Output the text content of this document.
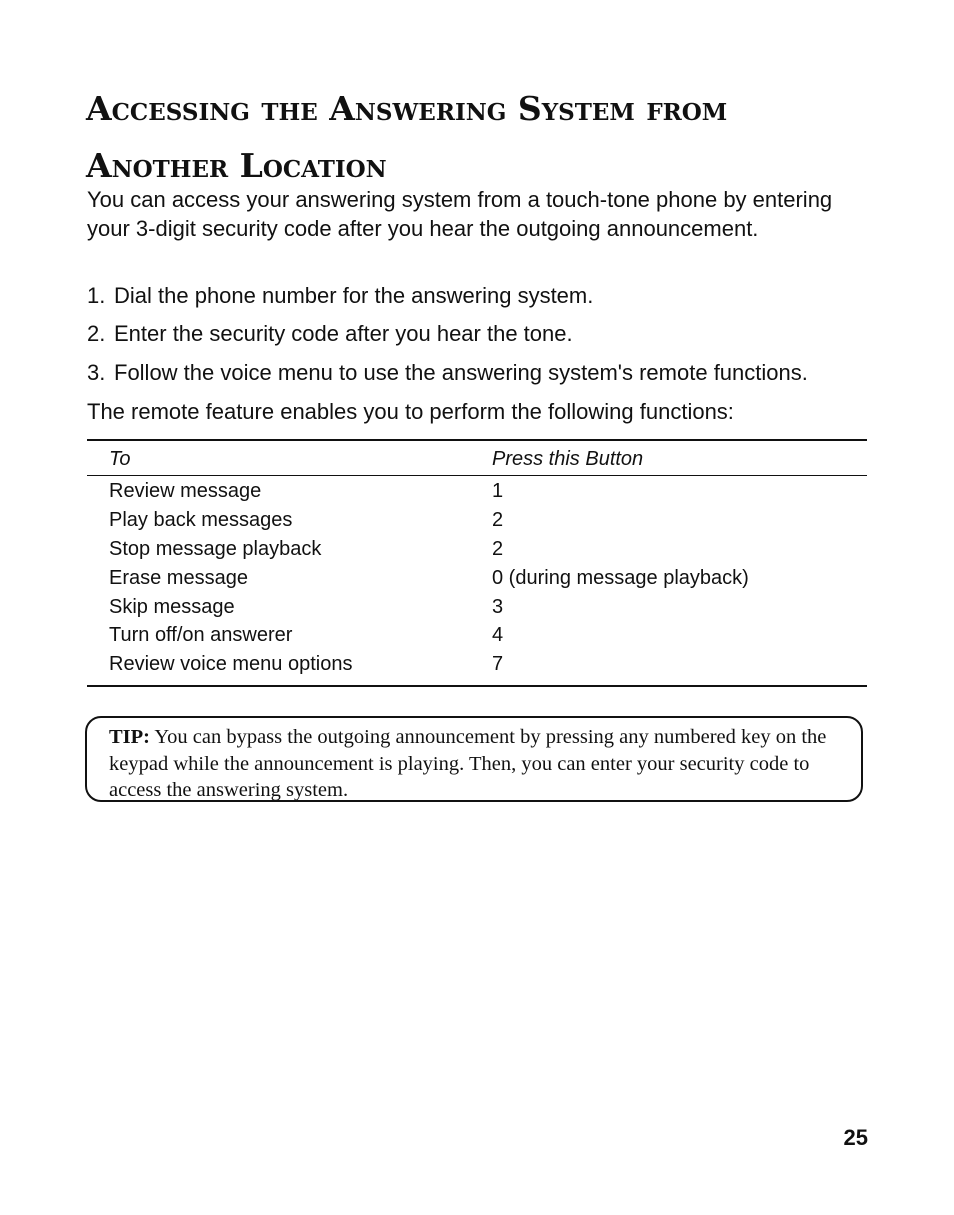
Accessing the Answering System from Another Location

You can access your answering system from a touch-tone phone by entering your 3-digit security code after you hear the outgoing announcement.

1. Dial the phone number for the answering system.

2. Enter the security code after you hear the tone.

3. Follow the voice menu to use the answering system's remote functions.

The remote feature enables you to perform the following functions:

To	Press this Button
Review message	1
Play back messages	2
Stop message playback	2
Erase message	0 (during message playback)
Skip message	3
Turn off/on answerer	4
Review voice menu options	7

TIP: You can bypass the outgoing announcement by pressing any numbered key on the keypad while the announcement is playing. Then, you can enter your security code to access the answering system.

25
